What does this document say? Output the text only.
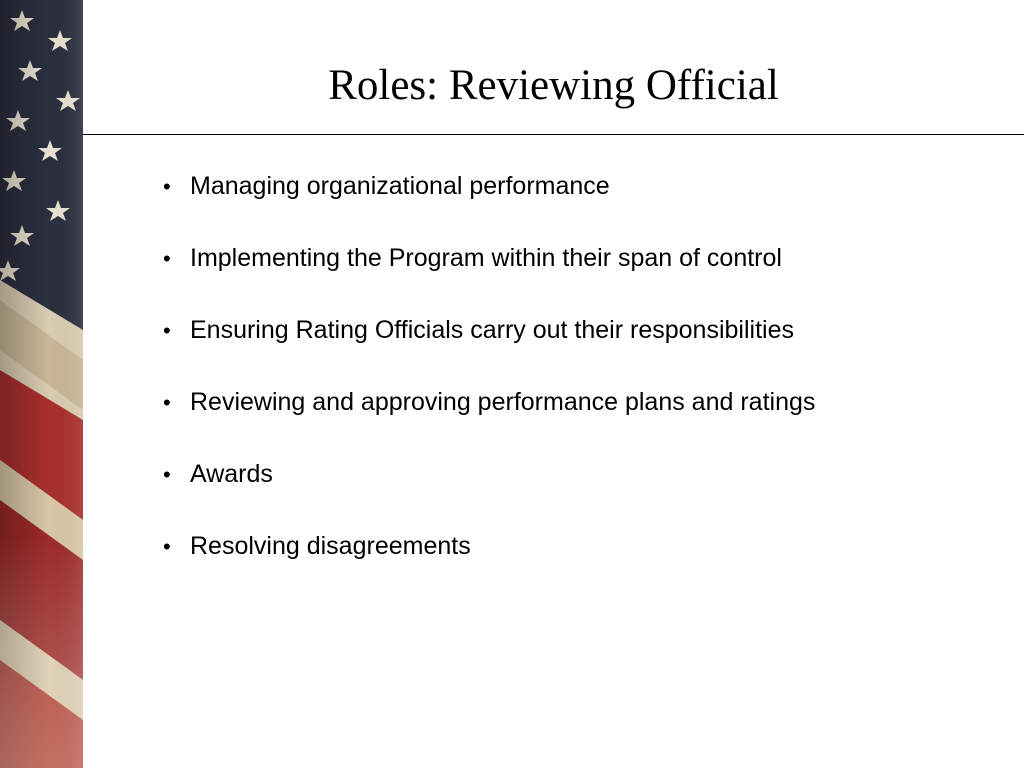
Roles: Reviewing Official
• Managing organizational performance
• Implementing the Program within their span of control
• Ensuring Rating Officials carry out their responsibilities
• Reviewing and approving performance plans and ratings
• Awards
• Resolving disagreements
